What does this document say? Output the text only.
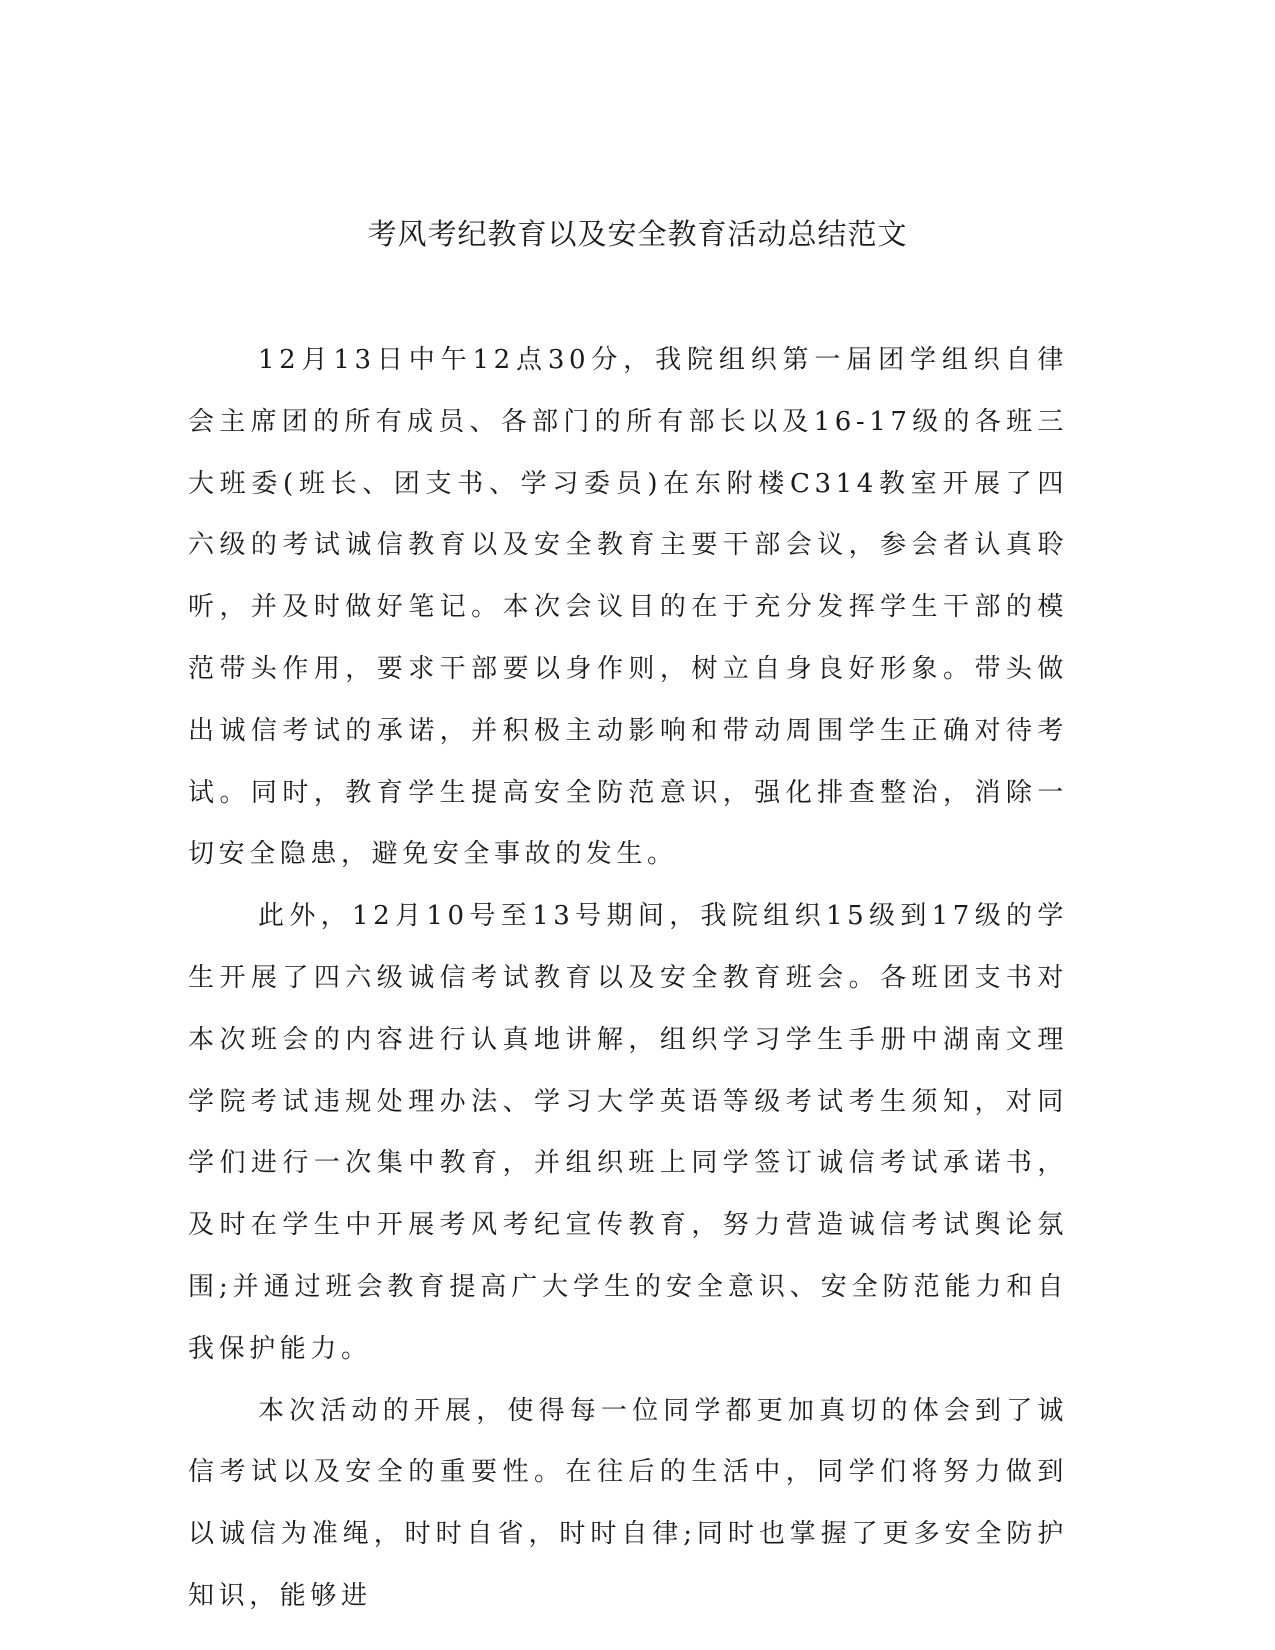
考风考纪教育以及安全教育活动总结范文

12月13日中午12点30分，我院组织第一届团学组织自律会主席团的所有成员、各部门的所有部长以及16-17级的各班三大班委(班长、团支书、学习委员)在东附楼C314教室开展了四六级的考试诚信教育以及安全教育主要干部会议，参会者认真聆听，并及时做好笔记。本次会议目的在于充分发挥学生干部的模范带头作用，要求干部要以身作则，树立自身良好形象。带头做出诚信考试的承诺，并积极主动影响和带动周围学生正确对待考试。同时，教育学生提高安全防范意识，强化排查整治，消除一切安全隐患，避免安全事故的发生。

此外，12月10号至13号期间，我院组织15级到17级的学生开展了四六级诚信考试教育以及安全教育班会。各班团支书对本次班会的内容进行认真地讲解，组织学习学生手册中湖南文理学院考试违规处理办法、学习大学英语等级考试考生须知，对同学们进行一次集中教育，并组织班上同学签订诚信考试承诺书，及时在学生中开展考风考纪宣传教育，努力营造诚信考试舆论氛围;并通过班会教育提高广大学生的安全意识、安全防范能力和自我保护能力。

本次活动的开展，使得每一位同学都更加真切的体会到了诚信考试以及安全的重要性。在往后的生活中，同学们将努力做到以诚信为准绳，时时自省，时时自律;同时也掌握了更多安全防护知识，能够进
